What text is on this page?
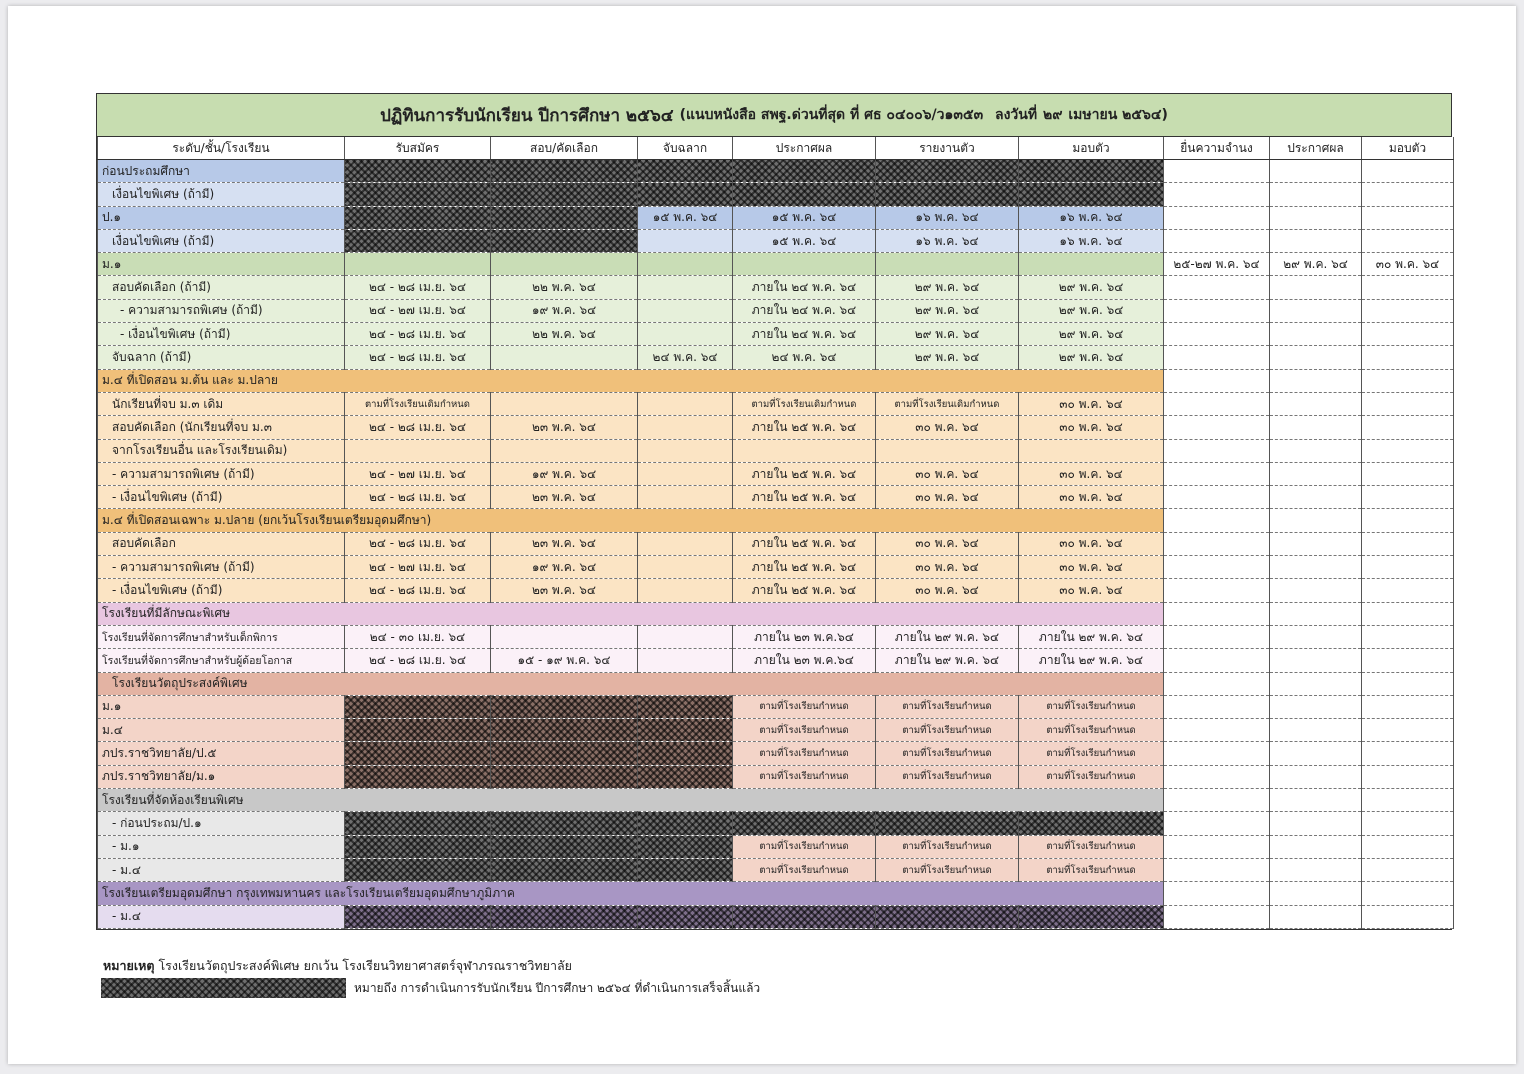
ปฏิทินการรับนักเรียน ปีการศึกษา ๒๕๖๔
(แนบหนังสือ สพฐ.ด่วนที่สุด ที่ ศธ ๐๔๐๐๖/ว ๑๓๕๓
ลงวันที่
๒๙
เมษายน ๒๕๖๔)
ระดับ/ชั้น/โรงเรียน	รับสมัคร	สอบ/คัดเลือก	จับฉลาก	ประกาศผล	รายงานตัว	มอบตัว	ยื่นความจำนง	ประกาศผล	มอบตัว
ก่อนประถมศึกษา									
เงื่อนไขพิเศษ (ถ้ามี)									
ป.๑			๑๕ พ.ค. ๖๔	๑๕ พ.ค. ๖๔	๑๖ พ.ค. ๖๔	๑๖ พ.ค. ๖๔			
เงื่อนไขพิเศษ (ถ้ามี)				๑๕ พ.ค. ๖๔	๑๖ พ.ค. ๖๔	๑๖ พ.ค. ๖๔			
ม.๑							๒๕-๒๗ พ.ค. ๖๔	๒๙ พ.ค. ๖๔	๓๐ พ.ค. ๖๔
สอบคัดเลือก (ถ้ามี)	๒๔ - ๒๘ เม.ย. ๖๔	๒๒ พ.ค. ๖๔		ภายใน ๒๔ พ.ค. ๖๔	๒๙ พ.ค. ๖๔	๒๙ พ.ค. ๖๔			
- ความสามารถพิเศษ (ถ้ามี)	๒๔ - ๒๗ เม.ย. ๖๔	๑๙ พ.ค. ๖๔		ภายใน ๒๔ พ.ค. ๖๔	๒๙ พ.ค. ๖๔	๒๙ พ.ค. ๖๔			
- เงื่อนไขพิเศษ (ถ้ามี)	๒๔ - ๒๘ เม.ย. ๖๔	๒๒ พ.ค. ๖๔		ภายใน ๒๔ พ.ค. ๖๔	๒๙ พ.ค. ๖๔	๒๙ พ.ค. ๖๔			
จับฉลาก (ถ้ามี)	๒๔ - ๒๘ เม.ย. ๖๔		๒๔ พ.ค. ๖๔	๒๔ พ.ค. ๖๔	๒๙ พ.ค. ๖๔	๒๙ พ.ค. ๖๔			
ม.๔ ที่เปิดสอน ม.ต้น และ ม.ปลาย									
นักเรียนที่จบ ม.๓ เดิม	ตามที่โรงเรียนเดิมกำหนด			ตามที่โรงเรียนเดิมกำหนด	ตามที่โรงเรียนเดิมกำหนด	๓๐ พ.ค. ๖๔			
สอบคัดเลือก (นักเรียนที่จบ ม.๓	๒๔ - ๒๘ เม.ย. ๖๔	๒๓ พ.ค. ๖๔		ภายใน ๒๕ พ.ค. ๖๔	๓๐ พ.ค. ๖๔	๓๐ พ.ค. ๖๔			
จากโรงเรียนอื่น และโรงเรียนเดิม)									
- ความสามารถพิเศษ (ถ้ามี)	๒๔ - ๒๗ เม.ย. ๖๔	๑๙ พ.ค. ๖๔		ภายใน ๒๕ พ.ค. ๖๔	๓๐ พ.ค. ๖๔	๓๐ พ.ค. ๖๔			
- เงื่อนไขพิเศษ (ถ้ามี)	๒๔ - ๒๘ เม.ย. ๖๔	๒๓ พ.ค. ๖๔		ภายใน ๒๕ พ.ค. ๖๔	๓๐ พ.ค. ๖๔	๓๐ พ.ค. ๖๔			
ม.๔ ที่เปิดสอนเฉพาะ ม.ปลาย (ยกเว้นโรงเรียนเตรียมอุดมศึกษา)									
สอบคัดเลือก	๒๔ - ๒๘ เม.ย. ๖๔	๒๓ พ.ค. ๖๔		ภายใน ๒๕ พ.ค. ๖๔	๓๐ พ.ค. ๖๔	๓๐ พ.ค. ๖๔			
- ความสามารถพิเศษ (ถ้ามี)	๒๔ - ๒๗ เม.ย. ๖๔	๑๙ พ.ค. ๖๔		ภายใน ๒๕ พ.ค. ๖๔	๓๐ พ.ค. ๖๔	๓๐ พ.ค. ๖๔			
- เงื่อนไขพิเศษ (ถ้ามี)	๒๔ - ๒๘ เม.ย. ๖๔	๒๓ พ.ค. ๖๔		ภายใน ๒๕ พ.ค. ๖๔	๓๐ พ.ค. ๖๔	๓๐ พ.ค. ๖๔			
โรงเรียนที่มีลักษณะพิเศษ									
โรงเรียนที่จัดการศึกษาสำหรับเด็กพิการ	๒๔ - ๓๐ เม.ย. ๖๔			ภายใน ๒๓ พ.ค.๖๔	ภายใน ๒๙ พ.ค. ๖๔	ภายใน ๒๙ พ.ค. ๖๔			
โรงเรียนที่จัดการศึกษาสำหรับผู้ด้อยโอกาส	๒๔ - ๒๘ เม.ย. ๖๔	๑๕ - ๑๙ พ.ค. ๖๔		ภายใน ๒๓ พ.ค.๖๔	ภายใน ๒๙ พ.ค. ๖๔	ภายใน ๒๙ พ.ค. ๖๔			
โรงเรียนวัตถุประสงค์พิเศษ									
ม.๑				ตามที่โรงเรียนกำหนด	ตามที่โรงเรียนกำหนด	ตามที่โรงเรียนกำหนด			
ม.๔				ตามที่โรงเรียนกำหนด	ตามที่โรงเรียนกำหนด	ตามที่โรงเรียนกำหนด			
ภปร.ราชวิทยาลัย/ป.๕				ตามที่โรงเรียนกำหนด	ตามที่โรงเรียนกำหนด	ตามที่โรงเรียนกำหนด			
ภปร.ราชวิทยาลัย/ม.๑				ตามที่โรงเรียนกำหนด	ตามที่โรงเรียนกำหนด	ตามที่โรงเรียนกำหนด			
โรงเรียนที่จัดห้องเรียนพิเศษ									
- ก่อนประถม/ป.๑									
- ม.๑				ตามที่โรงเรียนกำหนด	ตามที่โรงเรียนกำหนด	ตามที่โรงเรียนกำหนด			
- ม.๔				ตามที่โรงเรียนกำหนด	ตามที่โรงเรียนกำหนด	ตามที่โรงเรียนกำหนด			
โรงเรียนเตรียมอุดมศึกษา กรุงเทพมหานคร และโรงเรียนเตรียมอุดมศึกษาภูมิภาค									
- ม.๔									
หมายเหตุ โรงเรียนวัตถุประสงค์พิเศษ ยกเว้น โรงเรียนวิทยาศาสตร์จุฬาภรณราชวิทยาลัย
หมายถึง การดำเนินการรับนักเรียน ปีการศึกษา ๒๕๖๔ ที่ดำเนินการเสร็จสิ้นแล้ว
